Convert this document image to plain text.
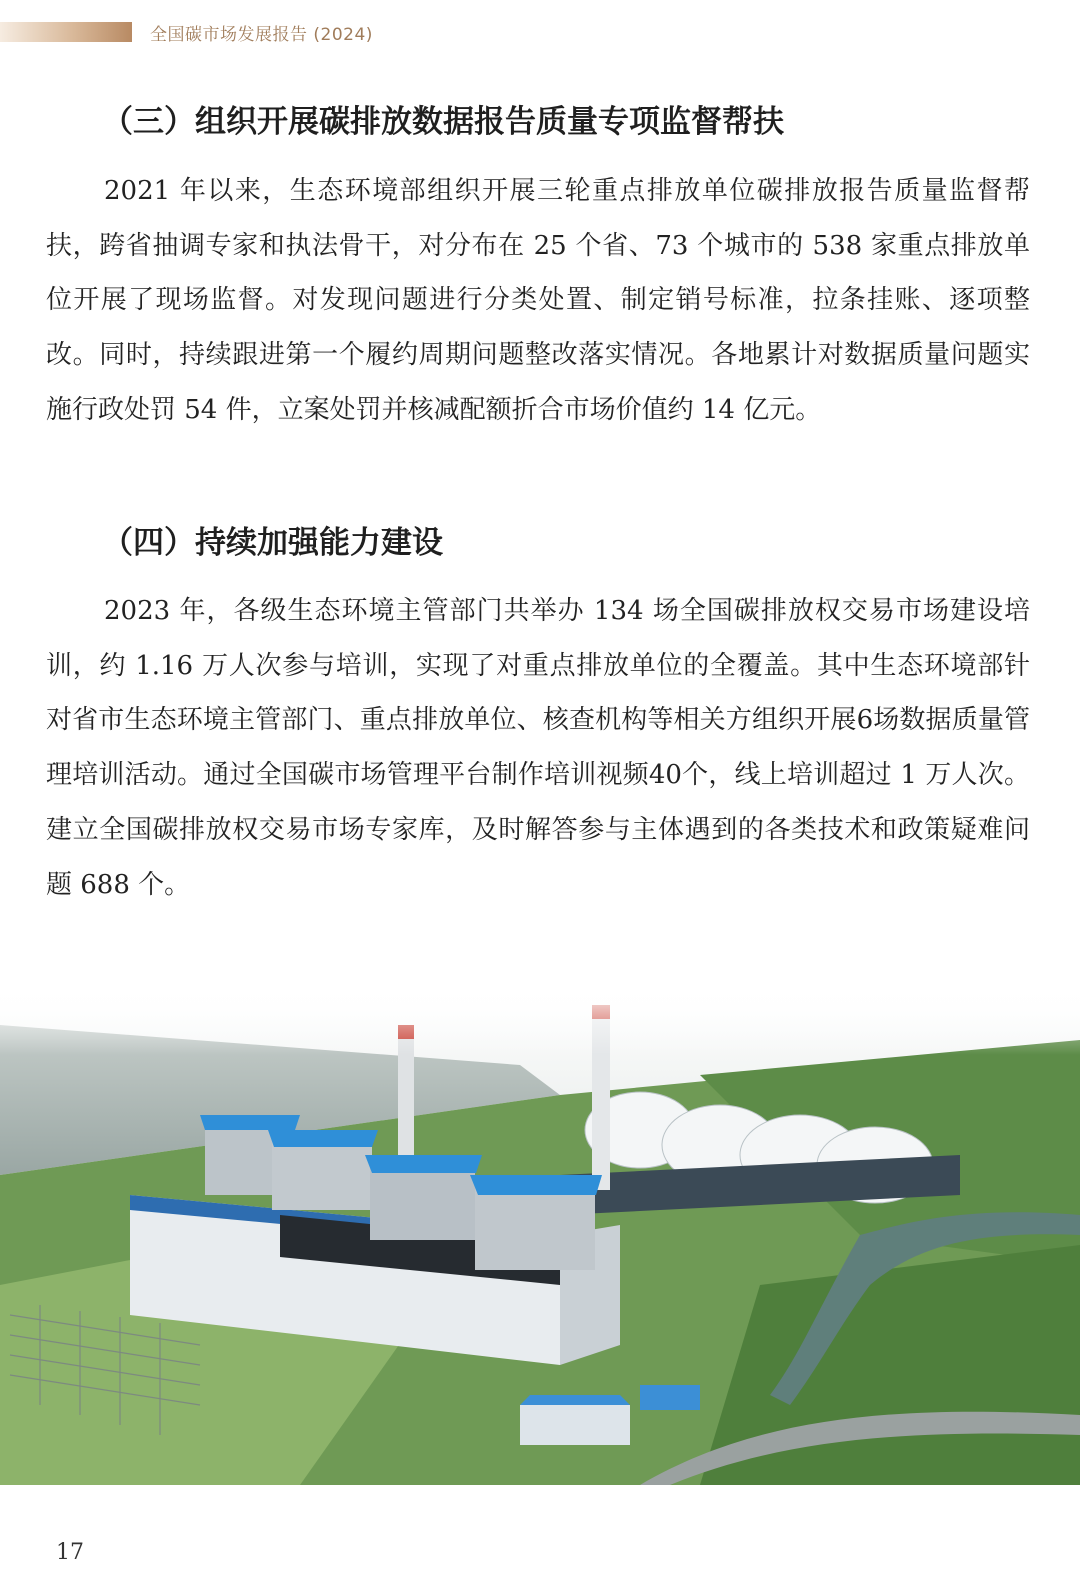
全国碳市场发展报告 (2024)
（三）组织开展碳排放数据报告质量专项监督帮扶
2021 年以来，生态环境部组织开展三轮重点排放单位碳排放报告质量监督帮扶，跨省抽调专家和执法骨干，对分布在 25 个省、73 个城市的 538 家重点排放单位开展了现场监督。对发现问题进行分类处置、制定销号标准，拉条挂账、逐项整改。同时，持续跟进第一个履约周期问题整改落实情况。各地累计对数据质量问题实施行政处罚 54 件，立案处罚并核减配额折合市场价值约 14 亿元。
（四）持续加强能力建设
2023 年，各级生态环境主管部门共举办 134 场全国碳排放权交易市场建设培训，约 1.16 万人次参与培训，实现了对重点排放单位的全覆盖。其中生态环境部针对省市生态环境主管部门、重点排放单位、核查机构等相关方组织开展6场数据质量管理培训活动。通过全国碳市场管理平台制作培训视频40个，线上培训超过 1 万人次。建立全国碳排放权交易市场专家库，及时解答参与主体遇到的各类技术和政策疑难问题 688 个。
17
